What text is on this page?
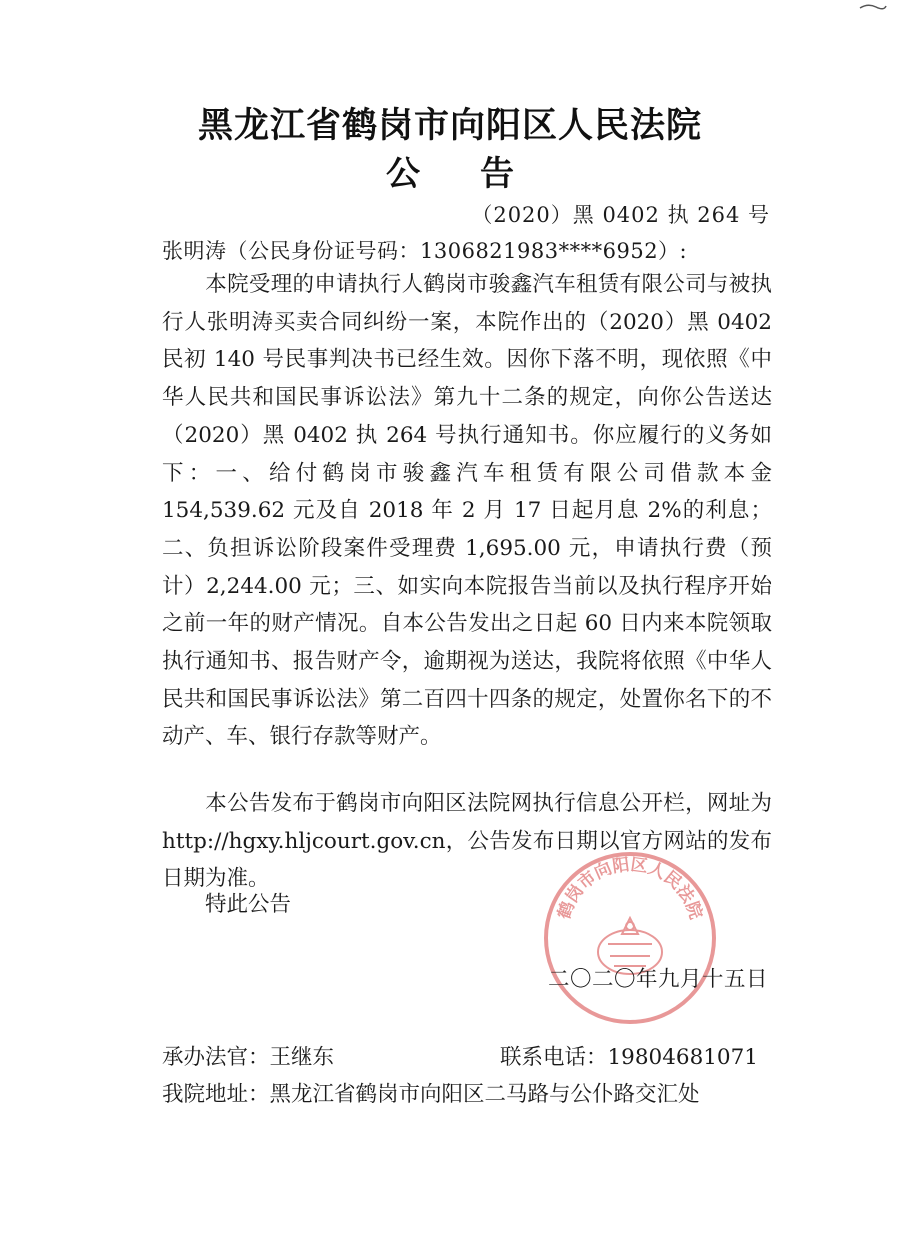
黑龙江省鹤岗市向阳区人民法院
公告
（2020）黑 0402 执 264 号
张明涛（公民身份证号码：1306821983****6952）:
本院受理的申请执行人鹤岗市骏鑫汽车租赁有限公司与被执行人张明涛买卖合同纠纷一案，本院作出的（2020）黑 0402 民初 140 号民事判决书已经生效。因你下落不明，现依照《中华人民共和国民事诉讼法》第九十二条的规定，向你公告送达（2020）黑 0402 执 264 号执行通知书。你应履行的义务如下：一、给付鹤岗市骏鑫汽车租赁有限公司借款本金 154,539.62 元及自 2018 年 2 月 17 日起月息 2%的利息；二、负担诉讼阶段案件受理费 1,695.00 元，申请执行费（预计）2,244.00 元；三、如实向本院报告当前以及执行程序开始之前一年的财产情况。自本公告发出之日起 60 日内来本院领取执行通知书、报告财产令，逾期视为送达，我院将依照《中华人民共和国民事诉讼法》第二百四十四条的规定，处置你名下的不动产、车、银行存款等财产。
本公告发布于鹤岗市向阳区法院网执行信息公开栏，网址为 http://hgxy.hljcourt.gov.cn，公告发布日期以官方网站的发布日期为准。
特此公告	鹤岗市向阳区人民法院
二〇二〇年九月十五日
承办法官：王继东	联系电话：19804681071
我院地址：黑龙江省鹤岗市向阳区二马路与公仆路交汇处
